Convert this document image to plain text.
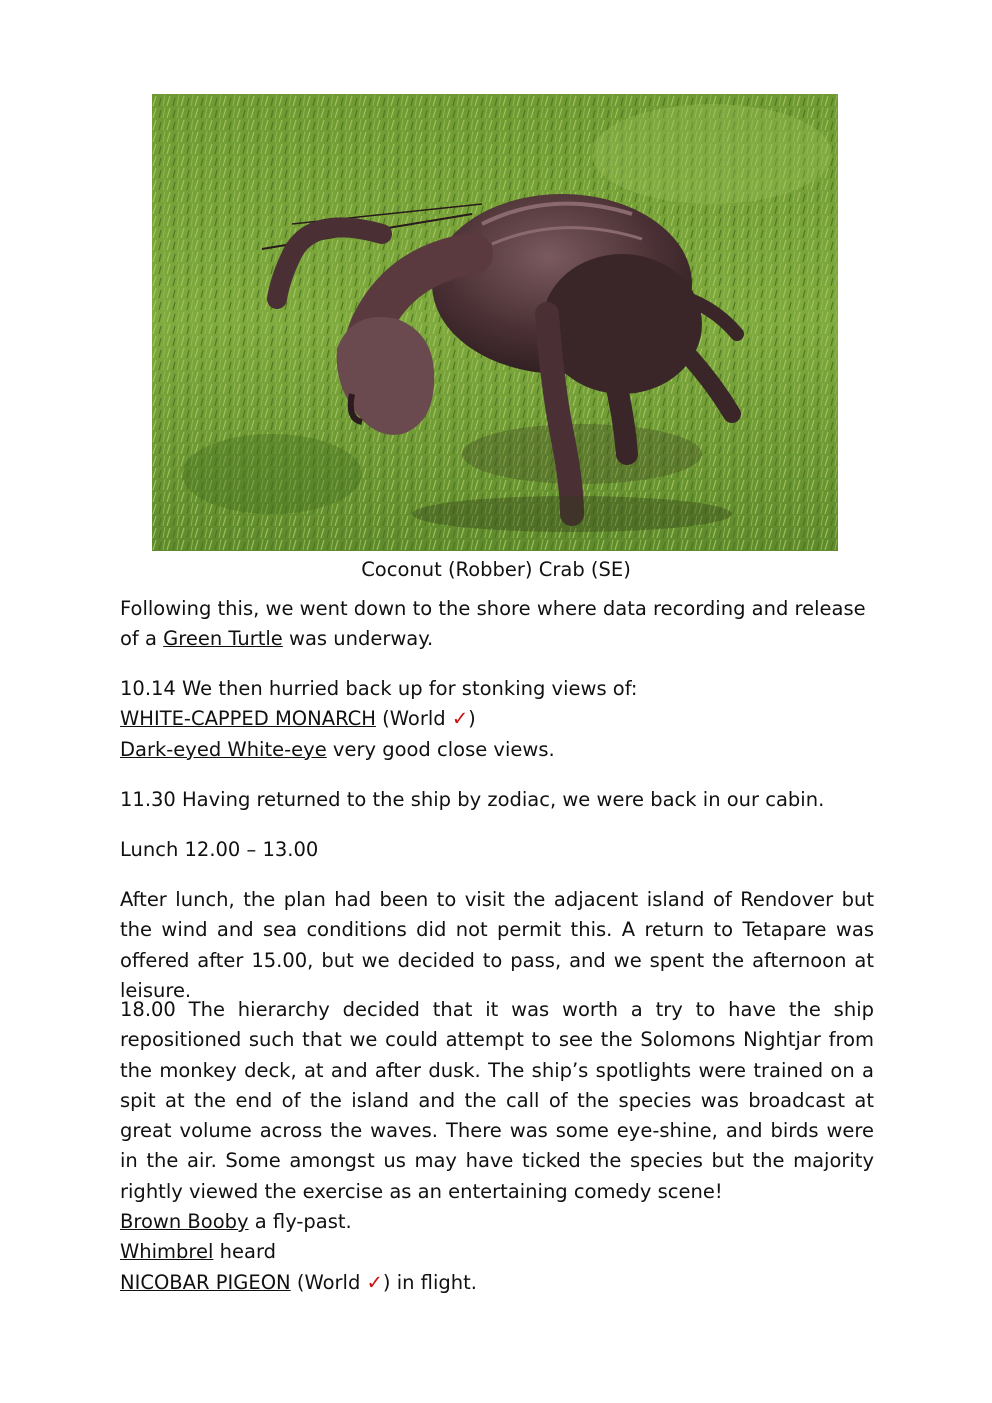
Coconut (Robber) Crab (SE)
Following this, we went down to the shore where data recording and release of a Green Turtle was underway.
10.14 We then hurried back up for stonking views of:
WHITE-CAPPED MONARCH (World ✓)
Dark-eyed White-eye very good close views.
11.30 Having returned to the ship by zodiac, we were back in our cabin.
Lunch 12.00 – 13.00
After lunch, the plan had been to visit the adjacent island of Rendover but the wind and sea conditions did not permit this. A return to Tetapare was offered after 15.00, but we decided to pass, and we spent the afternoon at leisure.
18.00 The hierarchy decided that it was worth a try to have the ship repositioned such that we could attempt to see the Solomons Nightjar from the monkey deck, at and after dusk. The ship’s spotlights were trained on a spit at the end of the island and the call of the species was broadcast at great volume across the waves. There was some eye-shine, and birds were in the air. Some amongst us may have ticked the species but the majority rightly viewed the exercise as an entertaining comedy scene!
Brown Booby a fly-past.
Whimbrel heard
NICOBAR PIGEON (World ✓) in flight.
